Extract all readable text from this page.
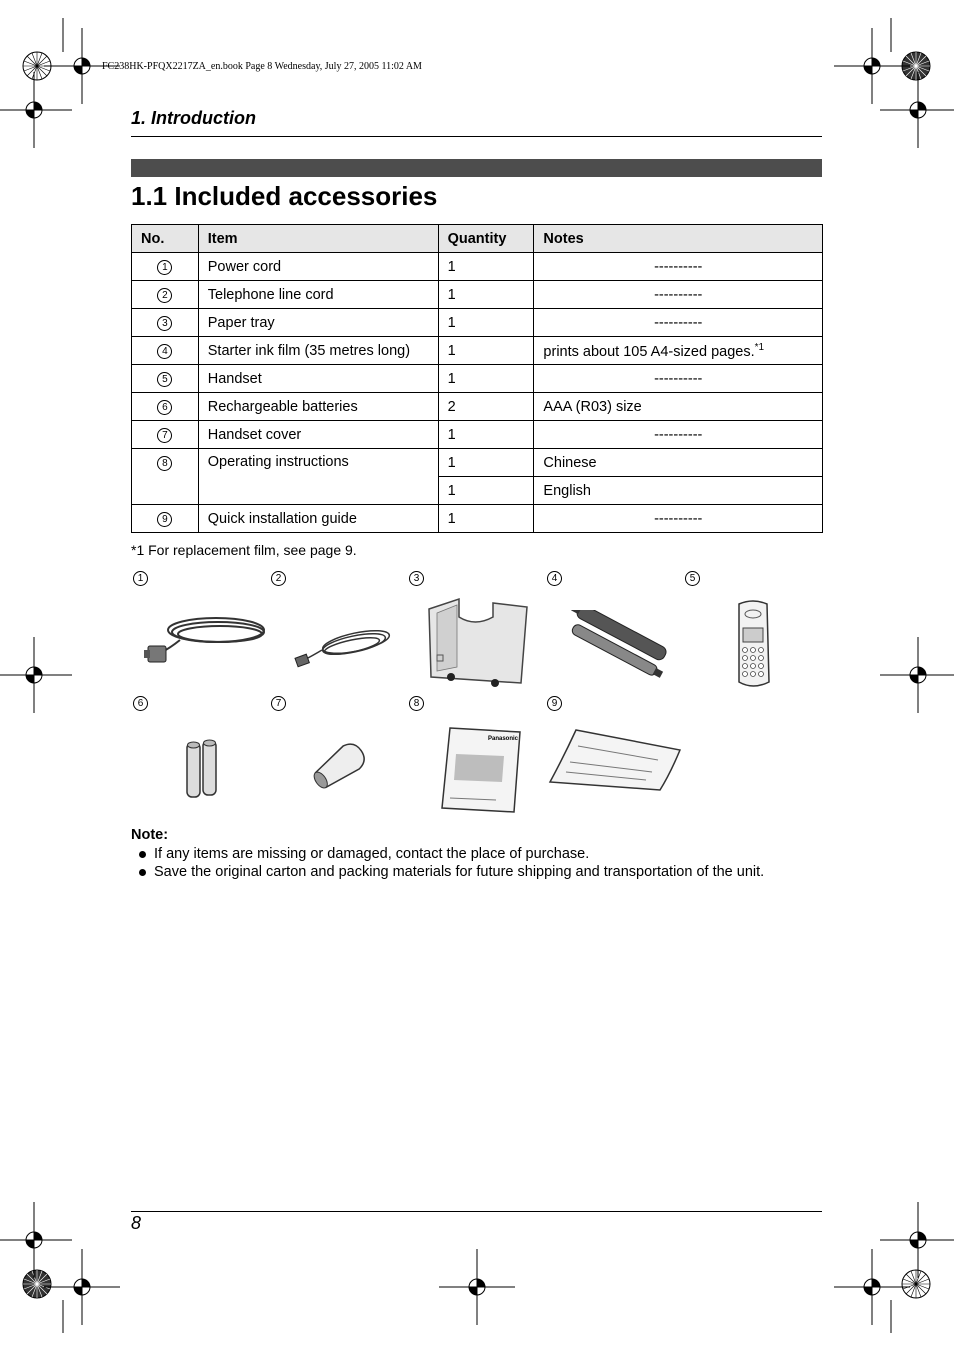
FC238HK-PFQX2217ZA_en.book Page 8 Wednesday, July 27, 2005 11:02 AM
1. Introduction
1.1 Included accessories
No.	Item	Quantity	Notes
1	Power cord	1	----------
2	Telephone line cord	1	----------
3	Paper tray	1	----------
4	Starter ink film (35 metres long)	1	prints about 105 A4-sized pages.$^{*1}$
5	Handset	1	----------
6	Rechargeable batteries	2	AAA (R03) size
7	Handset cover	1	----------
8	Operating instructions	1	Chinese
		1	English
9	Quick installation guide	1	----------
*1 For replacement film, see page 9.
1	2	3	4	5
6	7	8	9
Panasonic
Note:
If any items are missing or damaged, contact the place of purchase.
Save the original carton and packing materials for future shipping and transportation of the unit.
8
